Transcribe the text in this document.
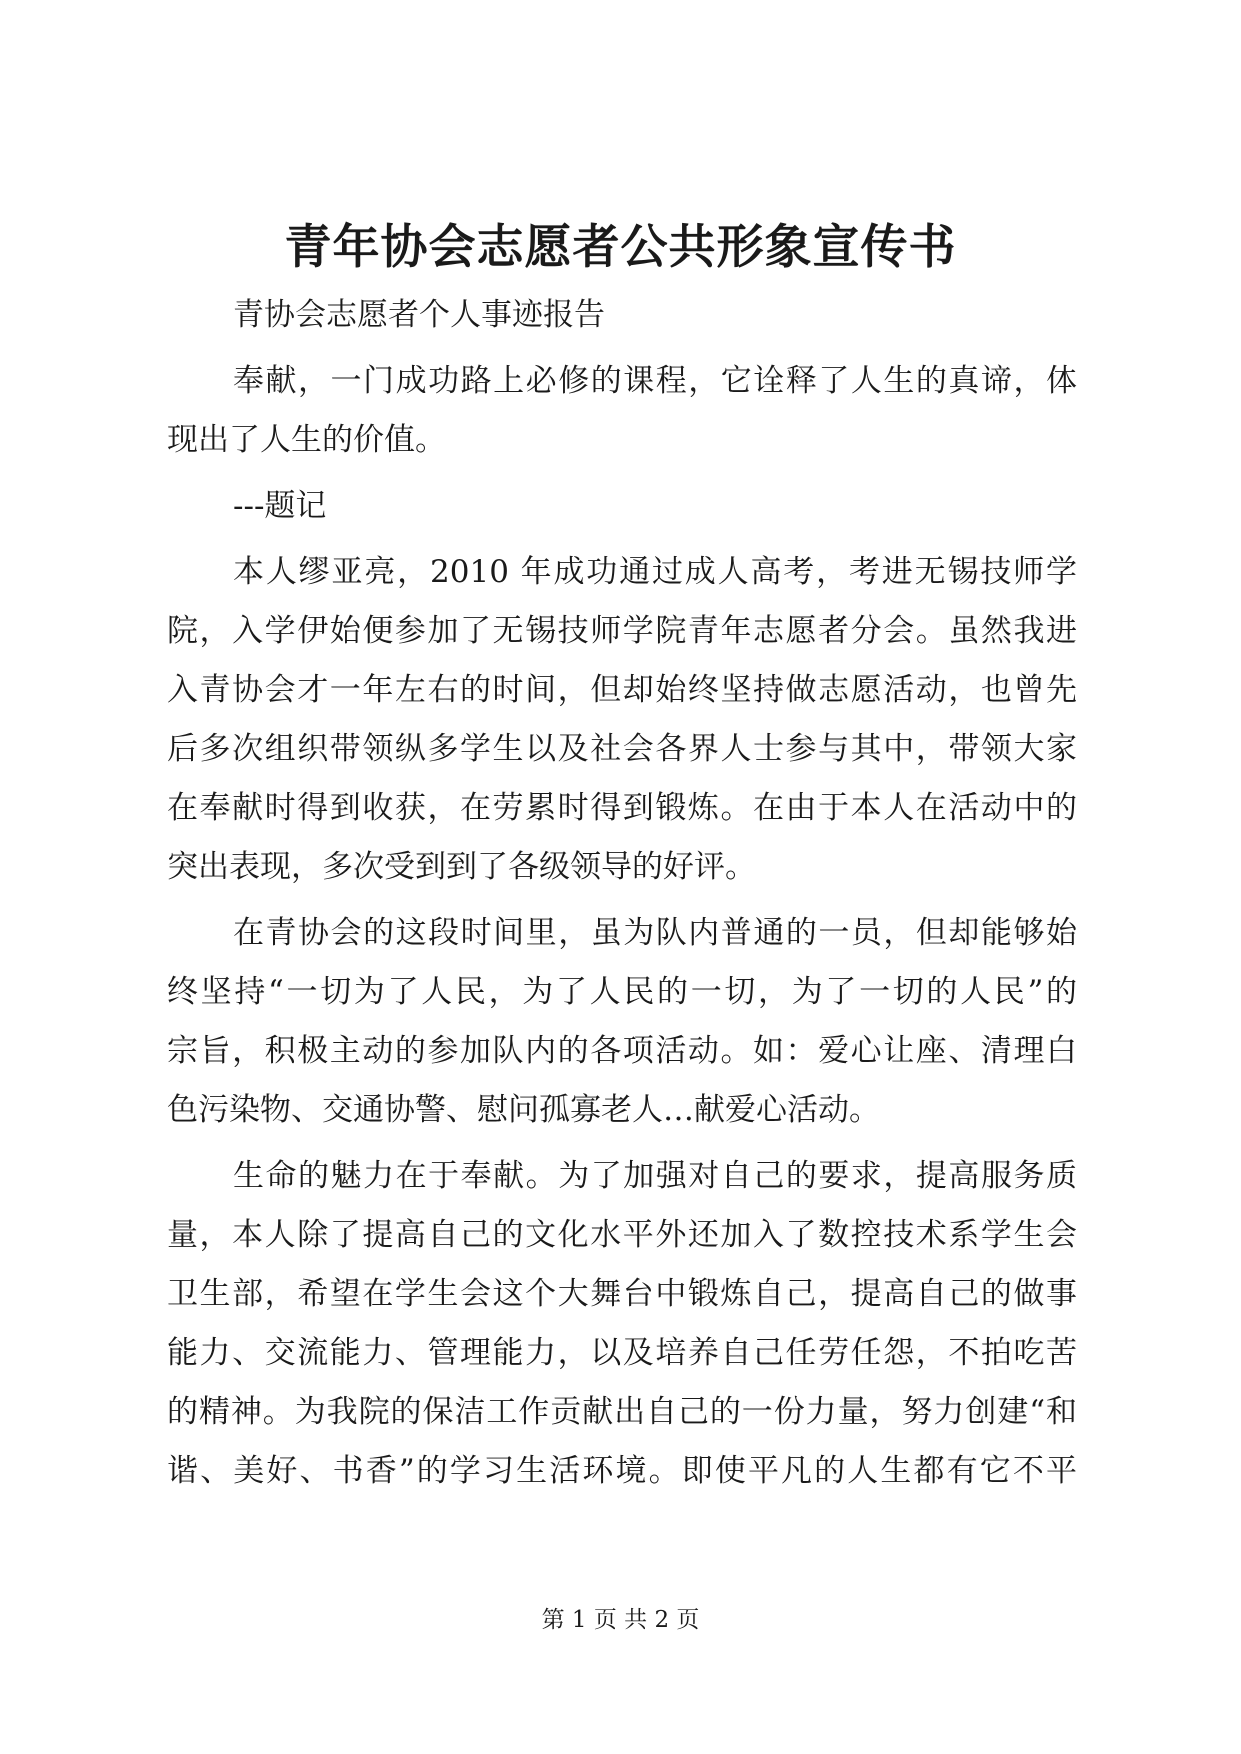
青年协会志愿者公共形象宣传书
青协会志愿者个人事迹报告
奉献，一门成功路上必修的课程，它诠释了人生的真谛，体
现出了人生的价值。
---题记
本人缪亚亮，2010 年成功通过成人高考，考进无锡技师学
院，入学伊始便参加了无锡技师学院青年志愿者分会。虽然我进
入青协会才一年左右的时间，但却始终坚持做志愿活动，也曾先
后多次组织带领纵多学生以及社会各界人士参与其中，带领大家
在奉献时得到收获，在劳累时得到锻炼。在由于本人在活动中的
突出表现，多次受到到了各级领导的好评。
在青协会的这段时间里，虽为队内普通的一员，但却能够始
终坚持“一切为了人民，为了人民的一切，为了一切的人民”的
宗旨，积极主动的参加队内的各项活动。如：爱心让座、清理白
色污染物、交通协警、慰问孤寡老人…献爱心活动。
生命的魅力在于奉献。为了加强对自己的要求，提高服务质
量，本人除了提高自己的文化水平外还加入了数控技术系学生会
卫生部，希望在学生会这个大舞台中锻炼自己，提高自己的做事
能力、交流能力、管理能力，以及培养自己任劳任怨，不拍吃苦
的精神。为我院的保洁工作贡献出自己的一份力量，努力创建“和
谐、美好、书香”的学习生活环境。即使平凡的人生都有它不平
第 1 页 共 2 页
